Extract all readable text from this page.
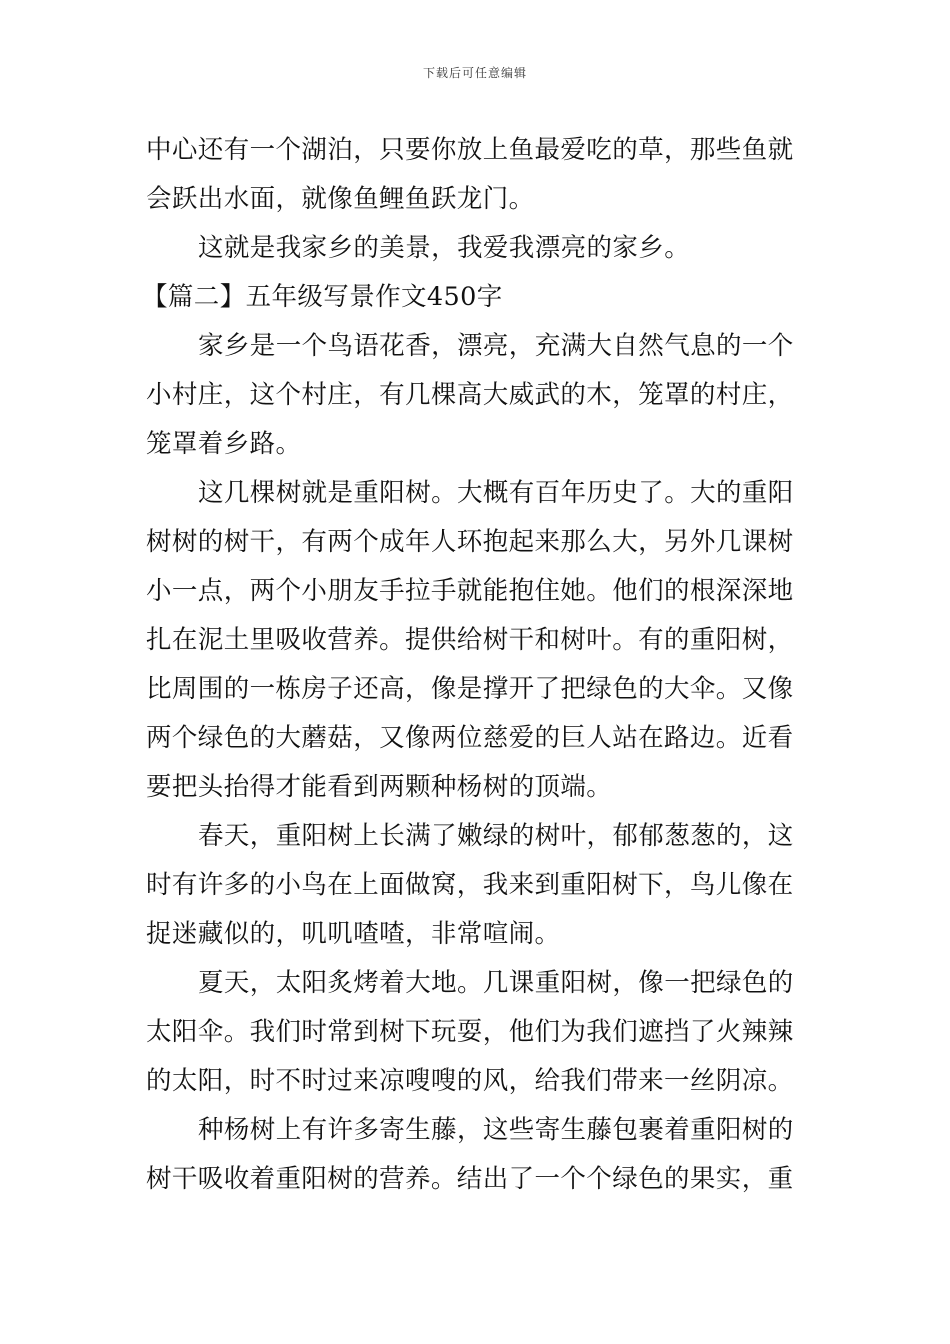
下载后可任意编辑
中心还有一个湖泊，只要你放上鱼最爱吃的草，那些鱼就
会跃出水面，就像鱼鲤鱼跃龙门。
这就是我家乡的美景，我爱我漂亮的家乡。
【篇二】五年级写景作文450字
家乡是一个鸟语花香，漂亮，充满大自然气息的一个
小村庄，这个村庄，有几棵高大威武的木，笼罩的村庄，
笼罩着乡路。
这几棵树就是重阳树。大概有百年历史了。大的重阳
树树的树干，有两个成年人环抱起来那么大，另外几课树
小一点，两个小朋友手拉手就能抱住她。他们的根深深地
扎在泥土里吸收营养。提供给树干和树叶。有的重阳树，
比周围的一栋房子还高，像是撑开了把绿色的大伞。又像
两个绿色的大蘑菇，又像两位慈爱的巨人站在路边。近看
要把头抬得才能看到两颗种杨树的顶端。
春天，重阳树上长满了嫩绿的树叶，郁郁葱葱的，这
时有许多的小鸟在上面做窝，我来到重阳树下，鸟儿像在
捉迷藏似的，叽叽喳喳，非常喧闹。
夏天，太阳炙烤着大地。几课重阳树，像一把绿色的
太阳伞。我们时常到树下玩耍，他们为我们遮挡了火辣辣
的太阳，时不时过来凉嗖嗖的风，给我们带来一丝阴凉。
种杨树上有许多寄生藤，这些寄生藤包裹着重阳树的
树干吸收着重阳树的营养。结出了一个个绿色的果实，重
